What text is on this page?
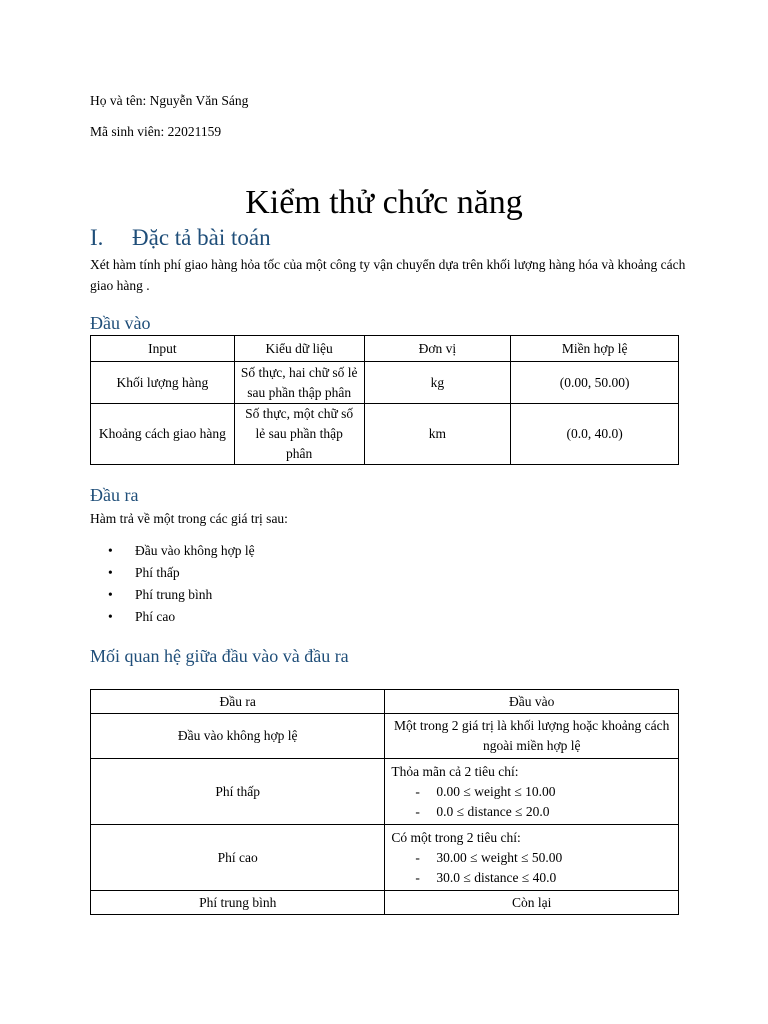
Họ và tên: Nguyễn Văn Sáng
Mã sinh viên: 22021159
Kiểm thử chức năng
I. Đặc tả bài toán
Xét hàm tính phí giao hàng hỏa tốc của một công ty vận chuyển dựa trên khối lượng hàng hóa và khoảng cách giao hàng .
Đầu vào
Input	Kiểu dữ liệu	Đơn vị	Miền hợp lệ
Khối lượng hàng	Số thực, hai chữ số lẻ sau phần thập phân	kg	(0.00, 50.00)
Khoảng cách giao hàng	Số thực, một chữ số lẻ sau phần thập phân	km	(0.0, 40.0)
Đầu ra
Hàm trả về một trong các giá trị sau:
• Đầu vào không hợp lệ
• Phí thấp
• Phí trung bình
• Phí cao
Mối quan hệ giữa đầu vào và đầu ra
Đầu ra	Đầu vào
Đầu vào không hợp lệ	Một trong 2 giá trị là khối lượng hoặc khoảng cách ngoài miền hợp lệ
Phí thấp	Thỏa mãn cả 2 tiêu chí:
- 0.00 ≤ weight ≤ 10.00
- 0.0 ≤ distance ≤ 20.0

Phí cao	Có một trong 2 tiêu chí:
- 30.00 ≤ weight ≤ 50.00
- 30.0 ≤ distance ≤ 40.0

Phí trung bình	Còn lại
